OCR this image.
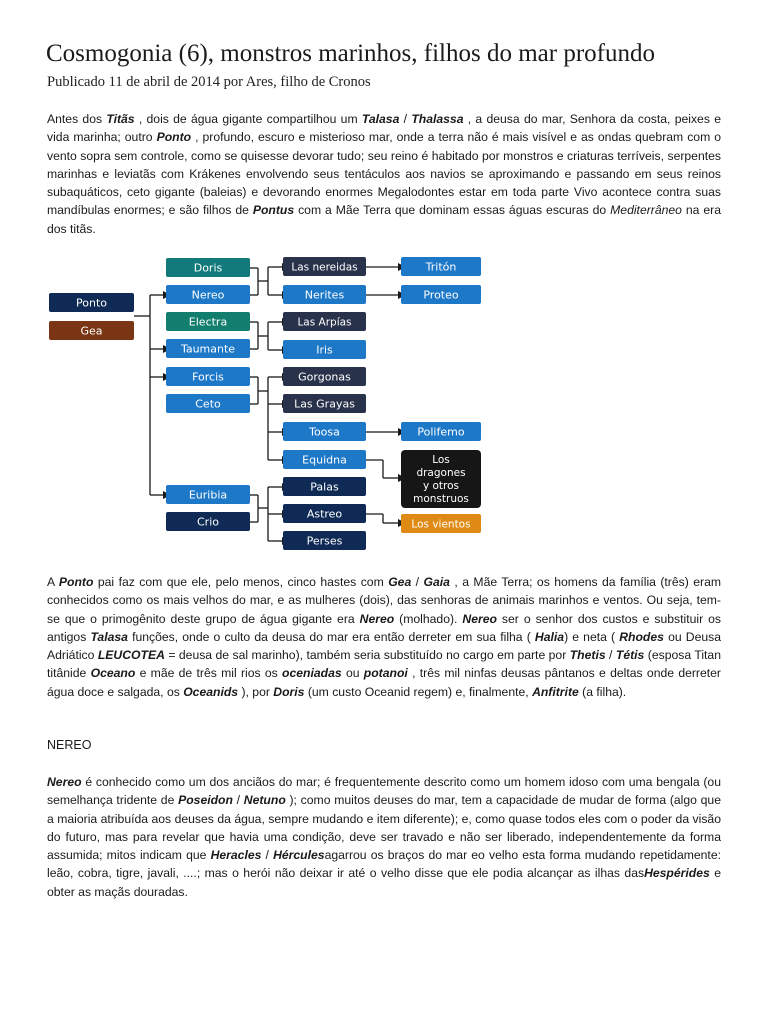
Cosmogonia (6), monstros marinhos, filhos do mar profundo
Publicado 11 de abril de 2014 por Ares, filho de Cronos

Antes dos Titãs , dois de água gigante compartilhou um Talasa / Thalassa , a deusa do mar, Senhora da costa, peixes e vida marinha; outro Ponto , profundo, escuro e misterioso mar, onde a terra não é mais visível e as ondas quebram com o vento sopra sem controle, como se quisesse devorar tudo; seu reino é habitado por monstros e criaturas terríveis, serpentes marinhas e leviatãs com Krákenes envolvendo seus tentáculos aos navios se aproximando e passando em seus reinos subaquáticos, ceto gigante (baleias) e devorando enormes Megalodontes estar em toda parte Vivo acontece contra suas mandíbulas enormes; e são filhos de Pontus com a Mãe Terra que dominam essas águas escuras do Mediterrâneo na era dos titãs.

Ponto
Gea
Doris
Nereo
Electra
Taumante
Forcis
Ceto
Euribia
Crio
Las nereidas
Nerites
Las Arpías
Iris
Gorgonas
Las Grayas
Toosa
Equidna
Palas
Astreo
Perses
Tritón
Proteo
Polifemo
Los
dragones
y otros
monstruos
Los vientos

A Ponto pai faz com que ele, pelo menos, cinco hastes com Gea / Gaia , a Mãe Terra; os homens da família (três) eram conhecidos como os mais velhos do mar, e as mulheres (dois), das senhoras de animais marinhos e ventos. Ou seja, tem-se que o primogênito deste grupo de água gigante era Nereo (molhado). Nereo ser o senhor dos custos e substituir os antigos Talasa funções, onde o culto da deusa do mar era então derreter em sua filha ( Halia) e neta ( Rhodes ou Deusa Adriático LEUCOTEA = deusa de sal marinho), também seria substituído no cargo em parte por Thetis / Tétis (esposa Titan titânide Oceano e mãe de três mil rios os oceniadas ou potanoi , três mil ninfas deusas pântanos e deltas onde derreter água doce e salgada, os Oceanids ), por Doris (um custo Oceanid regem) e, finalmente, Anfitrite (a filha).

NEREO

Nereo é conhecido como um dos anciãos do mar; é frequentemente descrito como um homem idoso com uma bengala (ou semelhança tridente de Poseidon / Netuno ); como muitos deuses do mar, tem a capacidade de mudar de forma (algo que a maioria atribuída aos deuses da água, sempre mudando e item diferente); e, como quase todos eles com o poder da visão do futuro, mas para revelar que havia uma condição, deve ser travado e não ser liberado, independentemente da forma assumida; mitos indicam que Heracles / Hérculesagarrou os braços do mar eo velho esta forma mudando repetidamente: leão, cobra, tigre, javali, ....; mas o herói não deixar ir até o velho disse que ele podia alcançar as ilhas dasHespérides e obter as maçãs douradas.
